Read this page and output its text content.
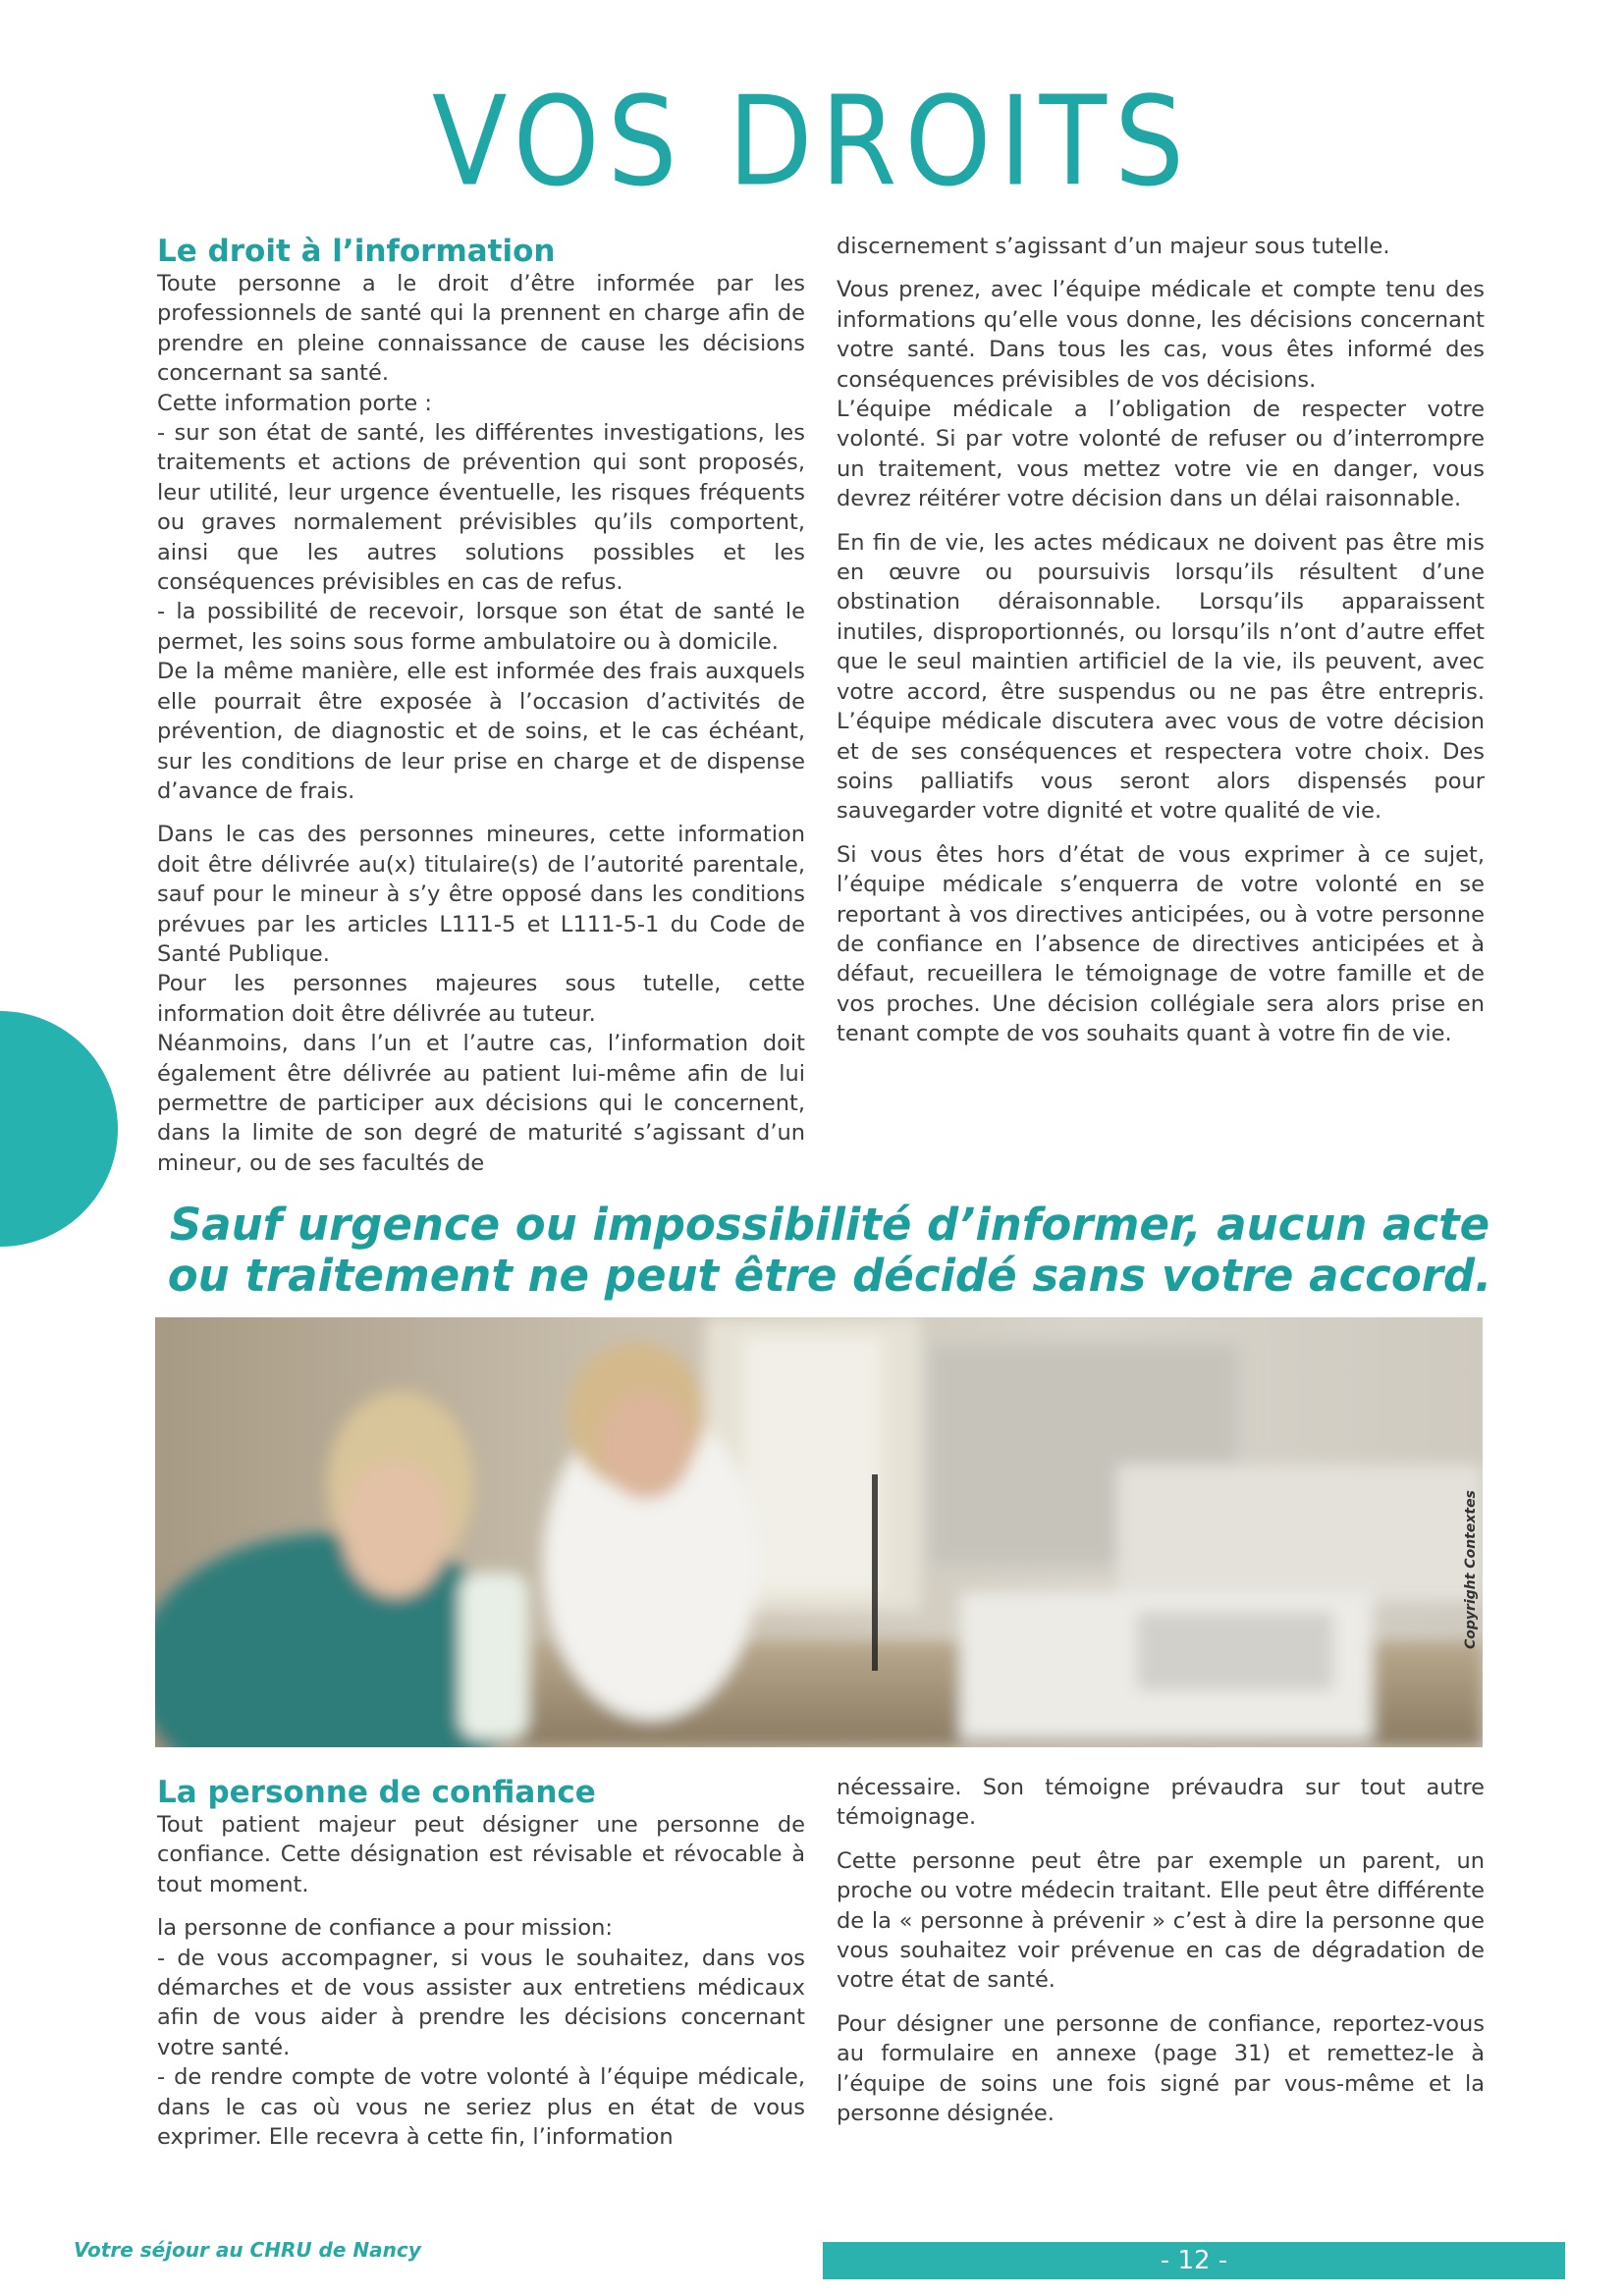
VOS DROITS
Le droit à l’information

Toute personne a le droit d’être informée par les professionnels de santé qui la prennent en charge afin de prendre en pleine connaissance de cause les décisions concernant sa santé.

Cette information porte :

- sur son état de santé, les différentes investigations, les traitements et actions de prévention qui sont proposés, leur utilité, leur urgence éventuelle, les risques fréquents ou graves normalement prévisibles qu’ils comportent, ainsi que les autres solutions possibles et les conséquences prévisibles en cas de refus.

- la possibilité de recevoir, lorsque son état de santé le permet, les soins sous forme ambulatoire ou à domicile.

De la même manière, elle est informée des frais auxquels elle pourrait être exposée à l’occasion d’activités de prévention, de diagnostic et de soins, et le cas échéant, sur les conditions de leur prise en charge et de dispense d’avance de frais.

Dans le cas des personnes mineures, cette information doit être délivrée au(x) titulaire(s) de l’autorité parentale, sauf pour le mineur à s’y être opposé dans les conditions prévues par les articles L111-5 et L111-5-1 du Code de Santé Publique.

Pour les personnes majeures sous tutelle, cette information doit être délivrée au tuteur.

Néanmoins, dans l’un et l’autre cas, l’information doit également être délivrée au patient lui-même afin de lui permettre de participer aux décisions qui le concernent, dans la limite de son degré de maturité s’agissant d’un mineur, ou de ses facultés de

discernement s’agissant d’un majeur sous tutelle.

Vous prenez, avec l’équipe médicale et compte tenu des informations qu’elle vous donne, les décisions concernant votre santé. Dans tous les cas, vous êtes informé des conséquences prévisibles de vos décisions.

L’équipe médicale a l’obligation de respecter votre volonté. Si par votre volonté de refuser ou d’interrompre un traitement, vous mettez votre vie en danger, vous devrez réitérer votre décision dans un délai raisonnable.

En fin de vie, les actes médicaux ne doivent pas être mis en œuvre ou poursuivis lorsqu’ils résultent d’une obstination déraisonnable. Lorsqu’ils apparaissent inutiles, disproportionnés, ou lorsqu’ils n’ont d’autre effet que le seul maintien artificiel de la vie, ils peuvent, avec votre accord, être suspendus ou ne pas être entrepris. L’équipe médicale discutera avec vous de votre décision et de ses conséquences et respectera votre choix. Des soins palliatifs vous seront alors dispensés pour sauvegarder votre dignité et votre qualité de vie.

Si vous êtes hors d’état de vous exprimer à ce sujet, l’équipe médicale s’enquerra de votre volonté en se reportant à vos directives anticipées, ou à votre personne de confiance en l’absence de directives anticipées et à défaut, recueillera le témoignage de votre famille et de vos proches. Une décision collégiale sera alors prise en tenant compte de vos souhaits quant à votre fin de vie.

Sauf urgence ou impossibilité d’informer, aucun acte
ou traitement ne peut être décidé sans votre accord.
Copyright Contextes
La personne de confiance

Tout patient majeur peut désigner une personne de confiance. Cette désignation est révisable et révocable à tout moment.

la personne de confiance a pour mission:

- de vous accompagner, si vous le souhaitez, dans vos démarches et de vous assister aux entretiens médicaux afin de vous aider à prendre les décisions concernant votre santé.

- de rendre compte de votre volonté à l’équipe médicale, dans le cas où vous ne seriez plus en état de vous exprimer. Elle recevra à cette fin, l’information

nécessaire. Son témoigne prévaudra sur tout autre témoignage.

Cette personne peut être par exemple un parent, un proche ou votre médecin traitant. Elle peut être différente de la « personne à prévenir » c’est à dire la personne que vous souhaitez voir prévenue en cas de dégradation de votre état de santé.

Pour désigner une personne de confiance, reportez-vous au formulaire en annexe (page 31) et remettez-le à l’équipe de soins une fois signé par vous-même et la personne désignée.

Votre séjour au CHRU de Nancy	- 12 -
